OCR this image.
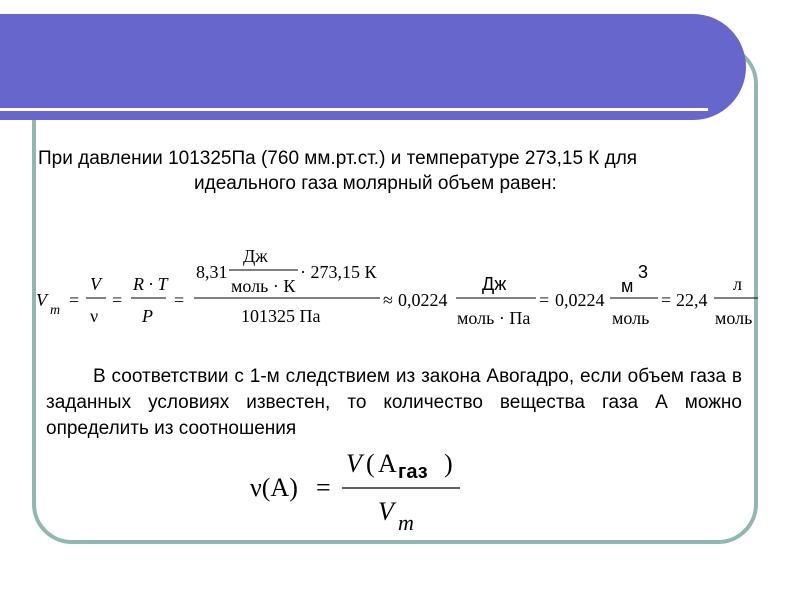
При давлении 101325Па (760 мм.рт.ст.) и температуре 273,15 К для
идеального газа молярный объем равен:

V
m
=
V
ν
=
R · T
P
=
8,31
Дж
моль · К
· 273,15 К
101325 Па
≈ 0,0224
Дж
моль · Па
= 0,0224
м
3
моль
= 22,4
л
моль

В соответствии с 1-м следствием из закона Авогадро, если объем газа в заданных условиях известен, то количество вещества газа А можно определить из соотношения

ν(A) =
V ( A газ )
V m
